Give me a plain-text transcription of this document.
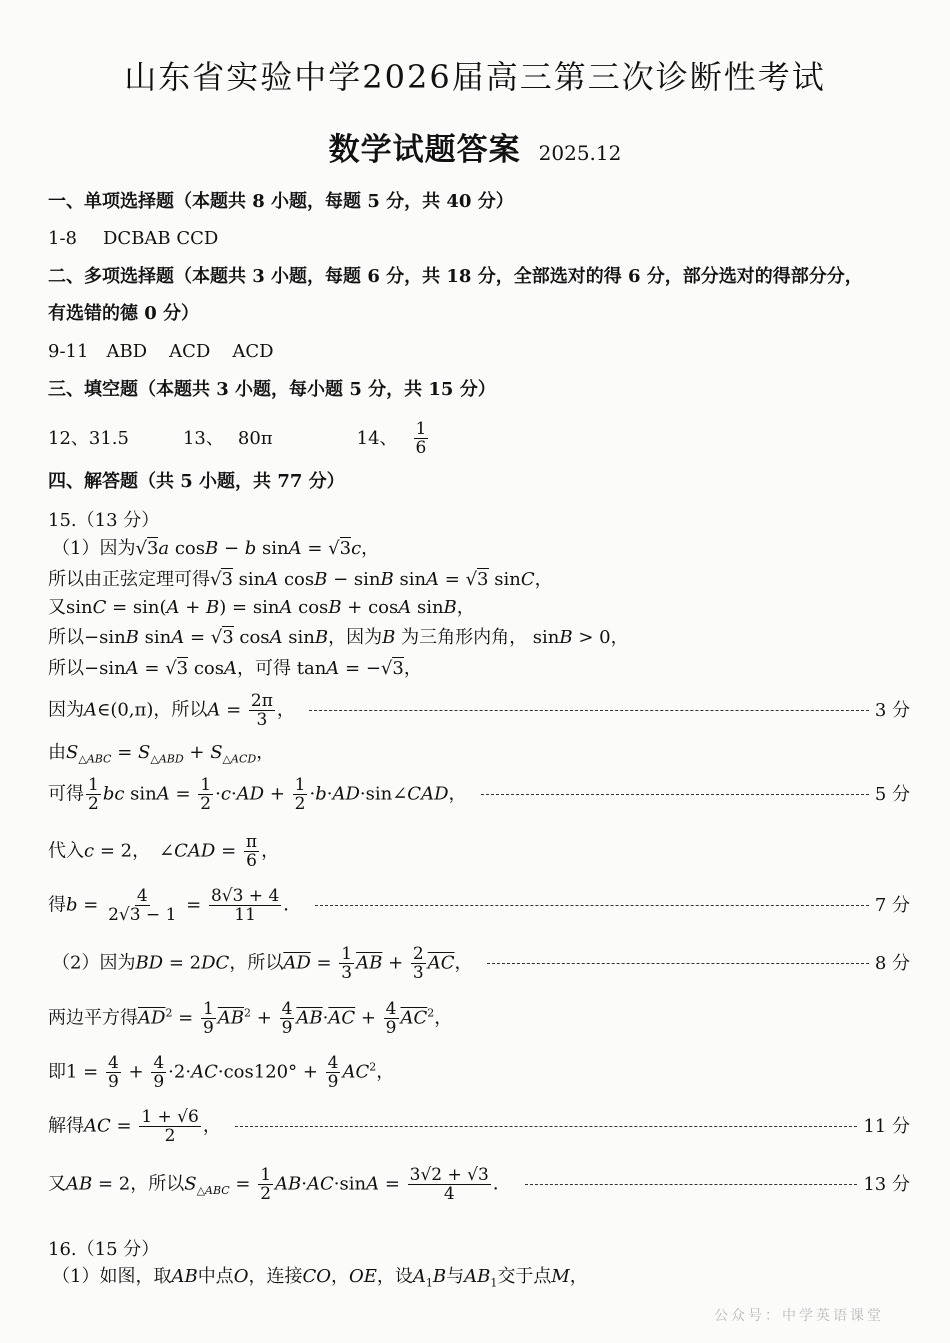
山东省实验中学2026届高三第三次诊断性考试
数学试题答案 2025.12
一、单项选择题（本题共 8 小题，每题 5 分，共 40 分）
1-8 DCBAB CCD
二、多项选择题（本题共 3 小题，每题 6 分，共 18 分，全部选对的得 6 分，部分选对的得部分分，
有选错的德 0 分）
9-11 ABD ACD ACD
三、填空题（本题共 3 小题，每小题 5 分，共 15 分）
12、 31.5	13、 80π	14、 $\frac{1}{6}$
四、解答题（共 5 小题，共 77 分）
15.（13 分）
（1）因为√3a cosB − b sinA = √3c，
所以由正弦定理可得√3 sinA cosB − sinB sinA = √3 sinC，
又sinC = sin(A + B) = sinA cosB + cosA sinB，
所以−sinB sinA = √3 cosA sinB，因为B 为三角形内角， sinB > 0，
所以−sinA = √3 cosA，可得 tanA = −√3，
因为A∈(0,π)，所以$A = \frac{2\pi}{3}$ ，	3 分
由$S_{\triangle ABC} = S_{\triangle ABD} + S_{\triangle ACD}$，
可得 $\frac{1}{2}$ bc $\sin A = \frac{1}{2} \cdot c\cdot AD + \frac{1}{2}$ ·b·AD·sin∠CAD，	5 分
代入c = 2，　∠CAD = $\frac{\pi}{6}$ ，
得$b = \frac{4}{2√3 - 1} = \frac{8√3 + 4}{11}$ ．	7 分
（2）因为BD = 2DC，所以$\overline{AD} = \frac{1}{3} \overline{AB} + \frac{2}{3} \overline{AC}$，	8 分
两边平方得$\overline{AD}^2 = \frac{1}{9} \overline{AB}^2 + \frac{4}{9} \overline{AB}\cdot\overline{AC} + \frac{4}{9} \overline{AC}^2$，
即$1 = \frac{4}{9} + \frac{4}{9} \cdot 2\cdot AC\cdot\cos 120^\circ + \frac{4}{9} AC^2$，
解得AC = $\frac{1 + √6}{2}$ ，	11 分
又AB = 2，所以$S_{\triangle ABC} = \frac{1}{2} AB\cdot AC\cdot\sin A = \frac{3√2 + √3}{4}$ ．	13 分
16.（15 分）
（1）如图，取AB中点O，连接CO，OE，设$A_1B$与$AB_1$交于点M，
公众号：中学英语课堂
